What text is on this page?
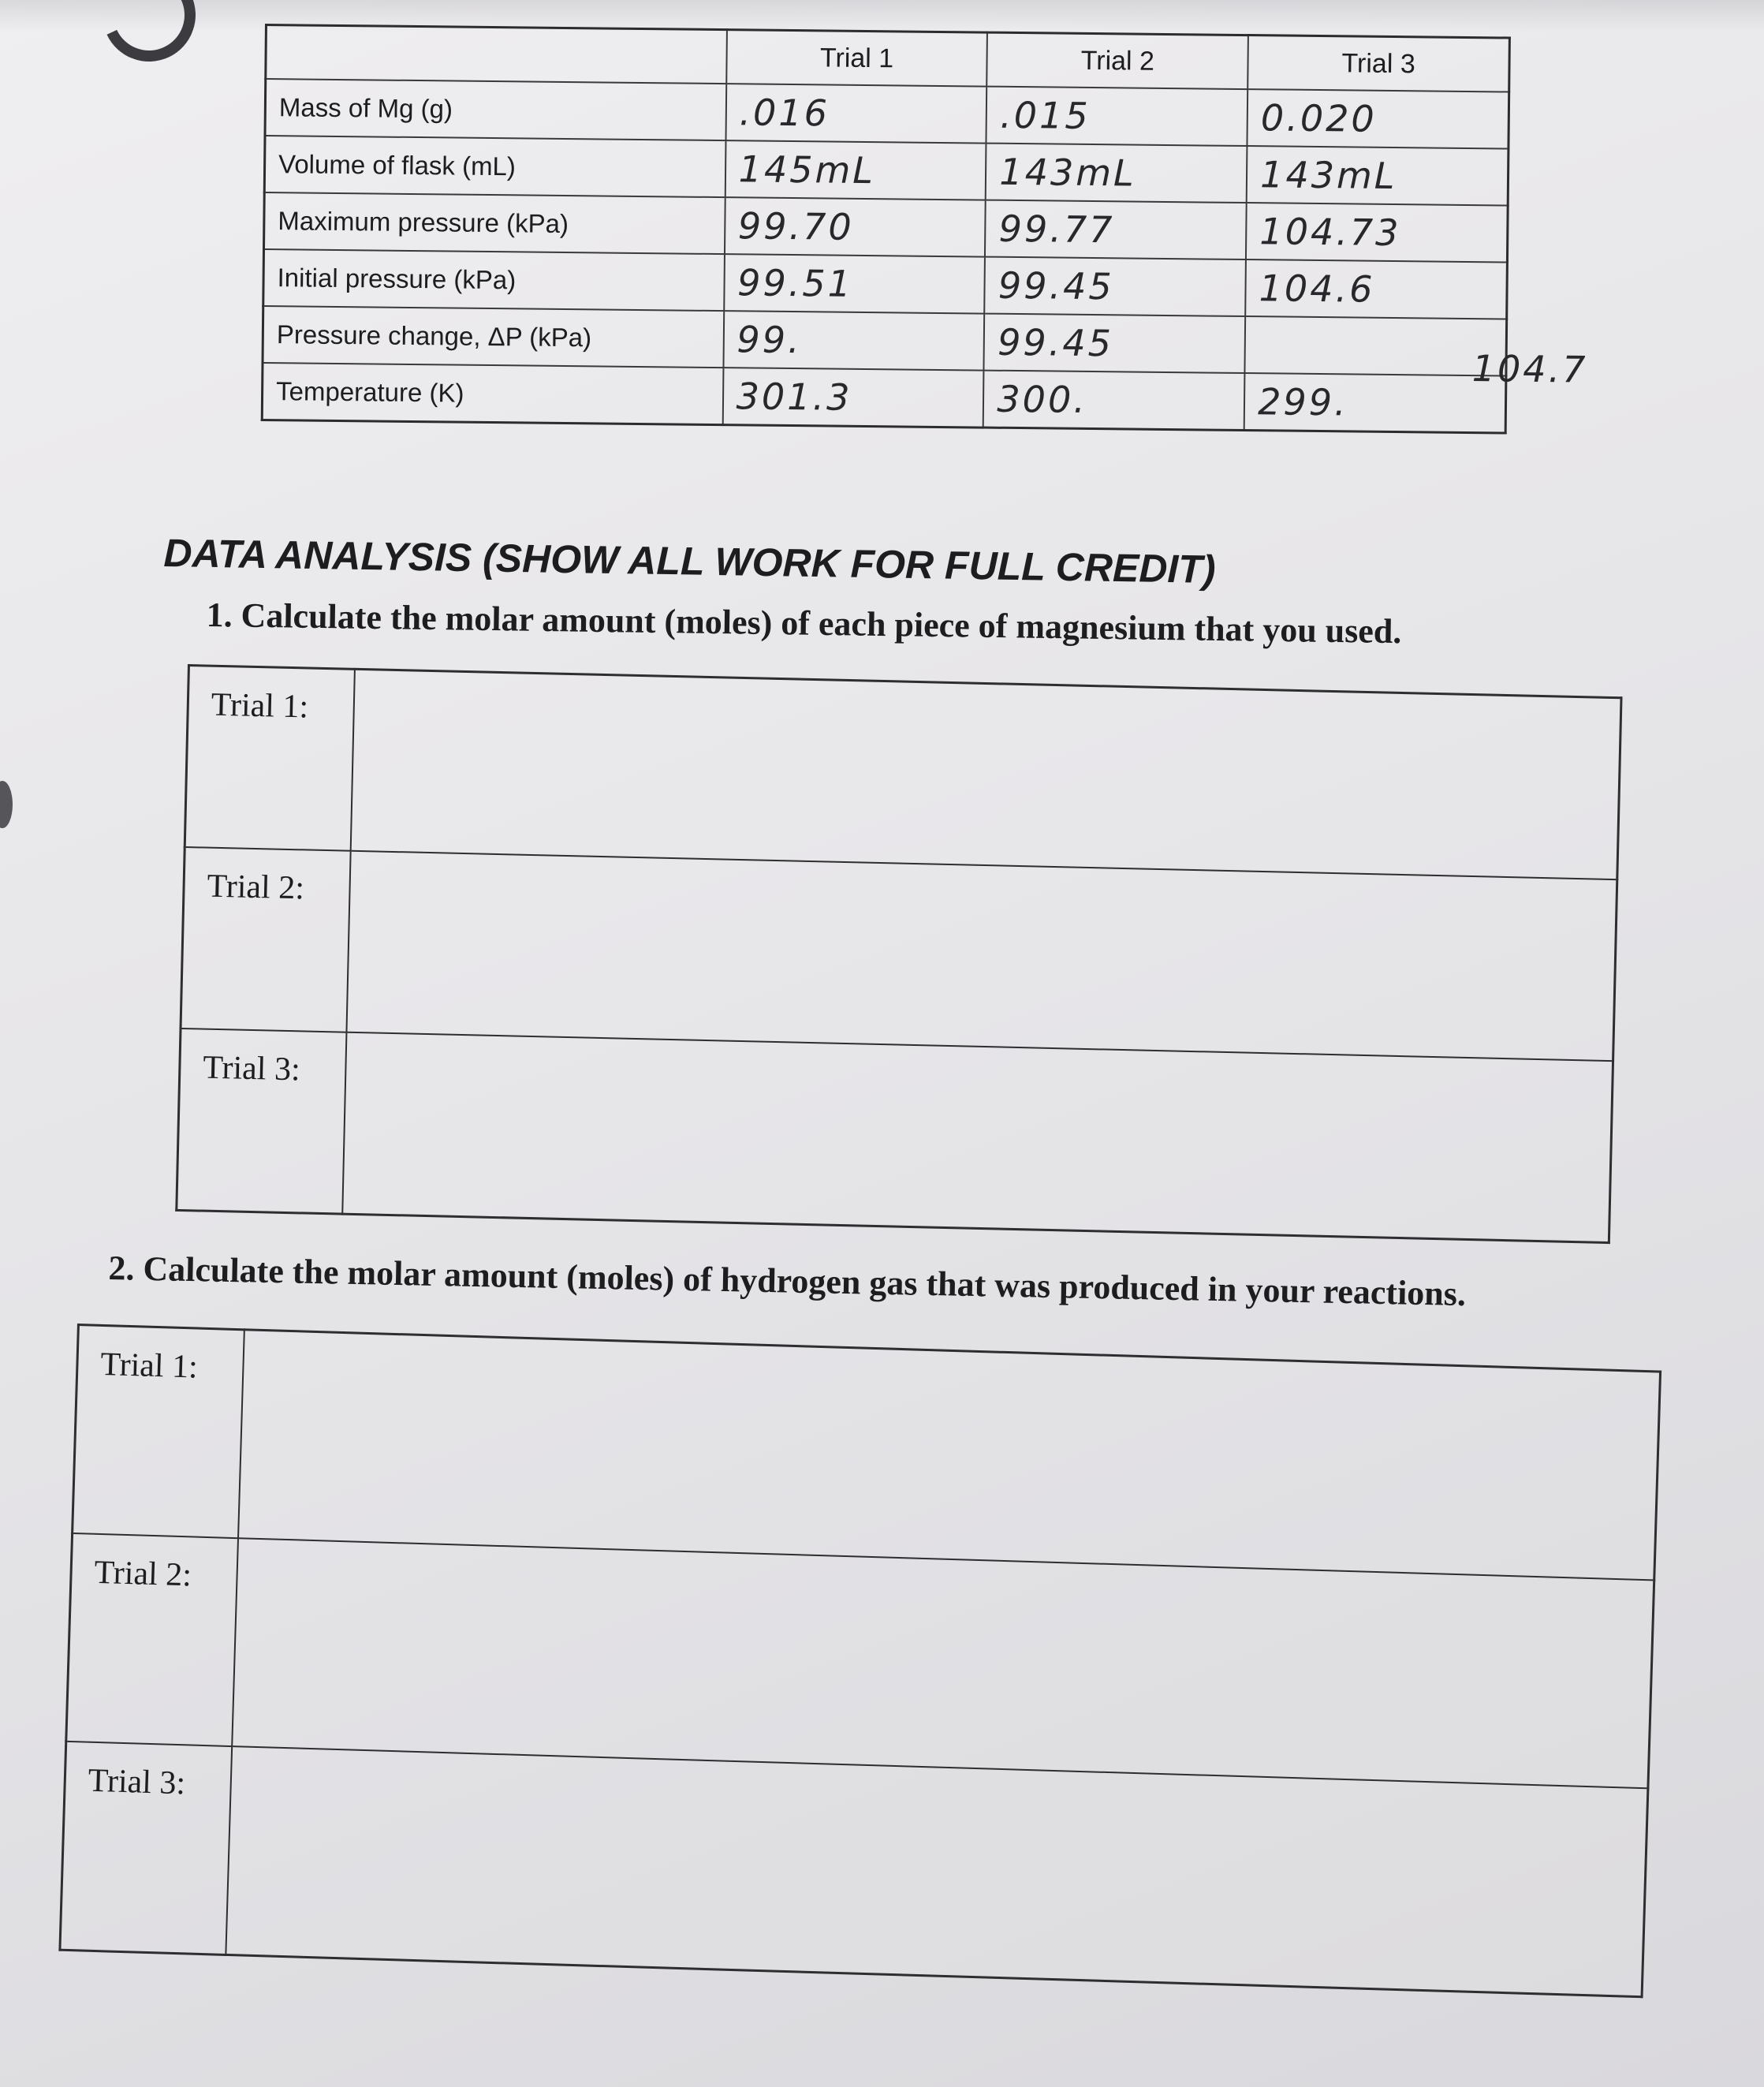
	Trial 1	Trial 2	Trial 3
Mass of Mg (g)	.016	.015	0.020
Volume of flask (mL)	145mL	143mL	143mL
Maximum pressure (kPa)	99.70	99.77	104.73
Initial pressure (kPa)	99.51	99.45	104.6
Pressure change, ΔP (kPa)	99.	99.45	104.7

Temperature (K)	301.3	300.	299.
DATA ANALYSIS (SHOW ALL WORK FOR FULL CREDIT)

1. Calculate the molar amount (moles) of each piece of magnesium that you used.

Trial 1:	
Trial 2:	
Trial 3:	

2. Calculate the molar amount (moles) of hydrogen gas that was produced in your reactions.

Trial 1:	
Trial 2:	
Trial 3:	
